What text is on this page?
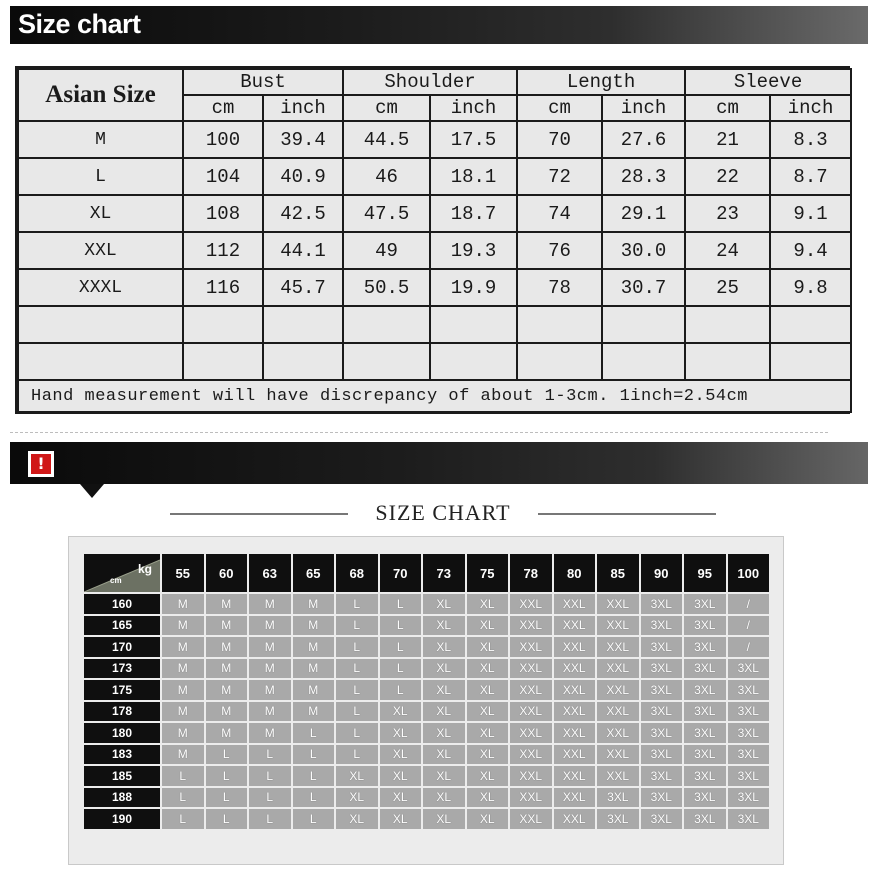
Size chart
Asian Size	Bust		Shoulder		Length		Sleeve	
	cm	inch	cm	inch	cm	inch	cm	inch
M	100	39.4	44.5	17.5	70	27.6	21	8.3
L	104	40.9	46	18.1	72	28.3	22	8.7
XL	108	42.5	47.5	18.7	74	29.1	23	9.1
XXL	112	44.1	49	19.3	76	30.0	24	9.4
XXXL	116	45.7	50.5	19.9	78	30.7	25	9.8

Hand measurement will have discrepancy of about 1-3cm. 1inch=2.54cm								
!
SIZE CHART
kg
cm	55	60	63	65	68	70	73	75	78	80	85	90	95	100
160	M	M	M	M	L	L	XL	XL	XXL	XXL	XXL	3XL	3XL	/
165	M	M	M	M	L	L	XL	XL	XXL	XXL	XXL	3XL	3XL	/
170	M	M	M	M	L	L	XL	XL	XXL	XXL	XXL	3XL	3XL	/
173	M	M	M	M	L	L	XL	XL	XXL	XXL	XXL	3XL	3XL	3XL
175	M	M	M	M	L	L	XL	XL	XXL	XXL	XXL	3XL	3XL	3XL
178	M	M	M	M	L	XL	XL	XL	XXL	XXL	XXL	3XL	3XL	3XL
180	M	M	M	L	L	XL	XL	XL	XXL	XXL	XXL	3XL	3XL	3XL
183	M	L	L	L	L	XL	XL	XL	XXL	XXL	XXL	3XL	3XL	3XL
185	L	L	L	L	XL	XL	XL	XL	XXL	XXL	XXL	3XL	3XL	3XL
188	L	L	L	L	XL	XL	XL	XL	XXL	XXL	3XL	3XL	3XL	3XL
190	L	L	L	L	XL	XL	XL	XL	XXL	XXL	3XL	3XL	3XL	3XL
